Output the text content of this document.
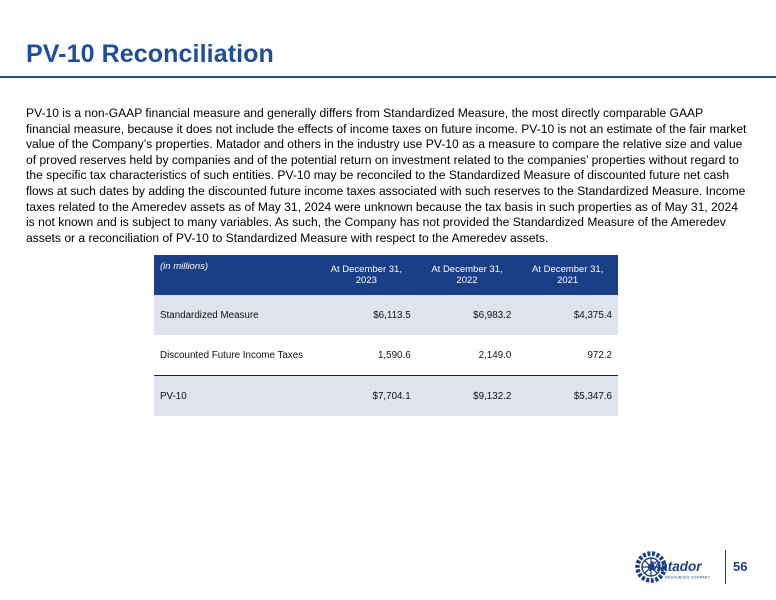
PV-10 Reconciliation

PV-10 is a non-GAAP financial measure and generally differs from Standardized Measure, the most directly comparable GAAP financial measure, because it does not include the effects of income taxes on future income. PV-10 is not an estimate of the fair market value of the Company’s properties. Matador and others in the industry use PV-10 as a measure to compare the relative size and value of proved reserves held by companies and of the potential return on investment related to the companies’ properties without regard to the specific tax characteristics of such entities. PV-10 may be reconciled to the Standardized Measure of discounted future net cash flows at such dates by adding the discounted future income taxes associated with such reserves to the Standardized Measure. Income taxes related to the Ameredev assets as of May 31, 2024 were unknown because the tax basis in such properties as of May 31, 2024 is not known and is subject to many variables. As such, the Company has not provided the Standardized Measure of the Ameredev assets or a reconciliation of PV-10 to Standardized Measure with respect to the Ameredev assets.

(in millions)	At December 31, 2023	At December 31, 2022	At December 31, 2021
Standardized Measure	$6,113.5	$6,983.2	$4,375.4
Discounted Future Income Taxes	1,590.6	2,149.0	972.2
PV-10	$7,704.1	$9,132.2	$5,347.6
Matador
RESOURCES COMPANY
56
